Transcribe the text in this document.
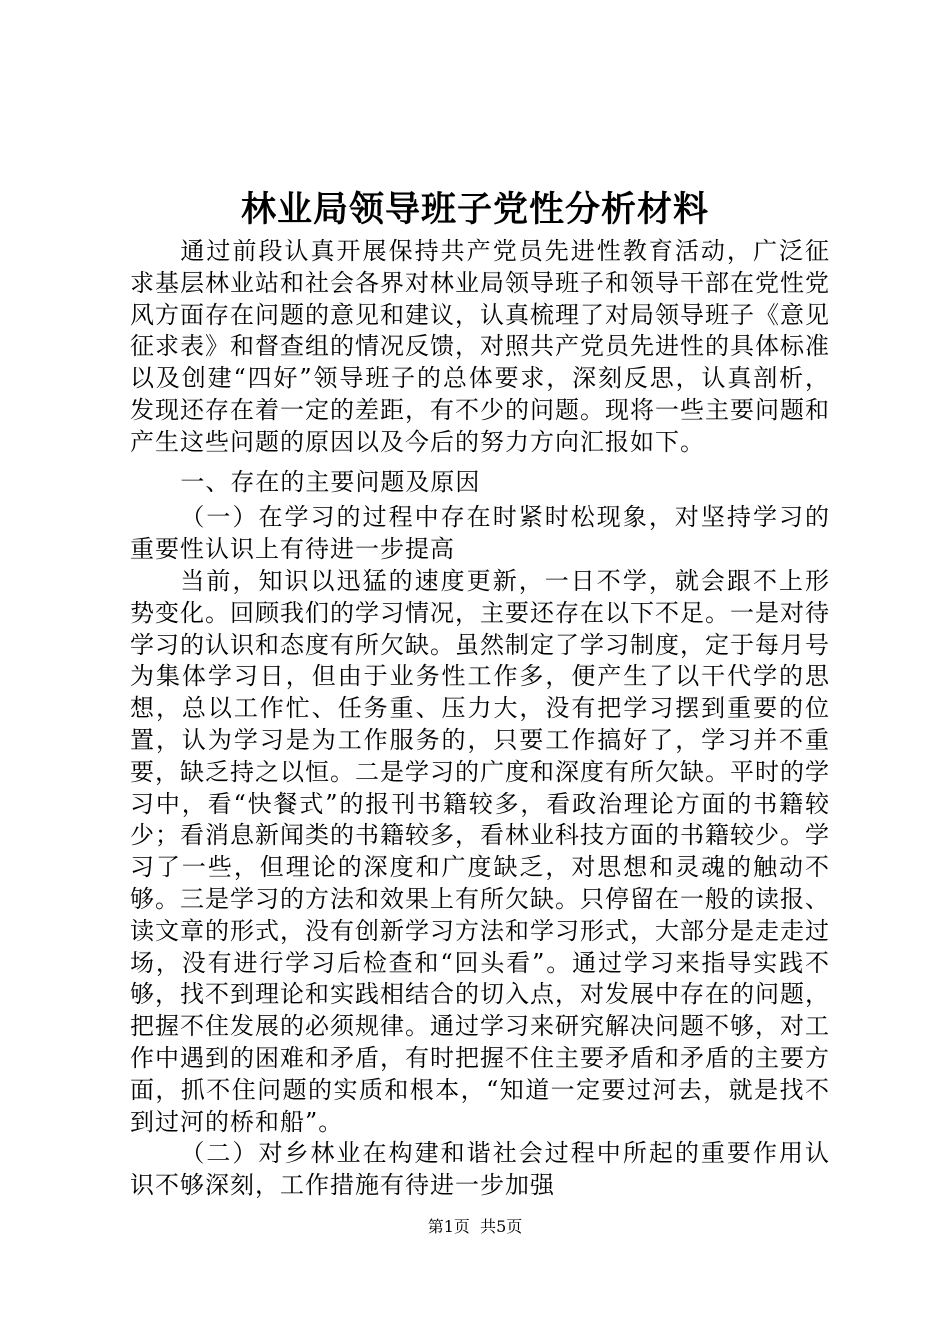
林业局领导班子党性分析材料

通过前段认真开展保持共产党员先进性教育活动，广泛征求基层林业站和社会各界对林业局领导班子和领导干部在党性党风方面存在问题的意见和建议，认真梳理了对局领导班子《意见征求表》和督查组的情况反馈，对照共产党员先进性的具体标准以及创建“四好”领导班子的总体要求，深刻反思，认真剖析，发现还存在着一定的差距，有不少的问题。现将一些主要问题和产生这些问题的原因以及今后的努力方向汇报如下。

一、存在的主要问题及原因

（一）在学习的过程中存在时紧时松现象，对坚持学习的重要性认识上有待进一步提高

当前，知识以迅猛的速度更新，一日不学，就会跟不上形势变化。回顾我们的学习情况，主要还存在以下不足。一是对待学习的认识和态度有所欠缺。虽然制定了学习制度，定于每月号为集体学习日，但由于业务性工作多，便产生了以干代学的思想，总以工作忙、任务重、压力大，没有把学习摆到重要的位置，认为学习是为工作服务的，只要工作搞好了，学习并不重要，缺乏持之以恒。二是学习的广度和深度有所欠缺。平时的学习中，看“快餐式”的报刊书籍较多，看政治理论方面的书籍较少；看消息新闻类的书籍较多，看林业科技方面的书籍较少。学习了一些，但理论的深度和广度缺乏，对思想和灵魂的触动不够。三是学习的方法和效果上有所欠缺。只停留在一般的读报、读文章的形式，没有创新学习方法和学习形式，大部分是走走过场，没有进行学习后检查和“回头看”。通过学习来指导实践不够，找不到理论和实践相结合的切入点，对发展中存在的问题，把握不住发展的必须规律。通过学习来研究解决问题不够，对工作中遇到的困难和矛盾，有时把握不住主要矛盾和矛盾的主要方面，抓不住问题的实质和根本，“知道一定要过河去，就是找不到过河的桥和船”。

（二）对乡林业在构建和谐社会过程中所起的重要作用认识不够深刻，工作措施有待进一步加强

第1页 共5页
